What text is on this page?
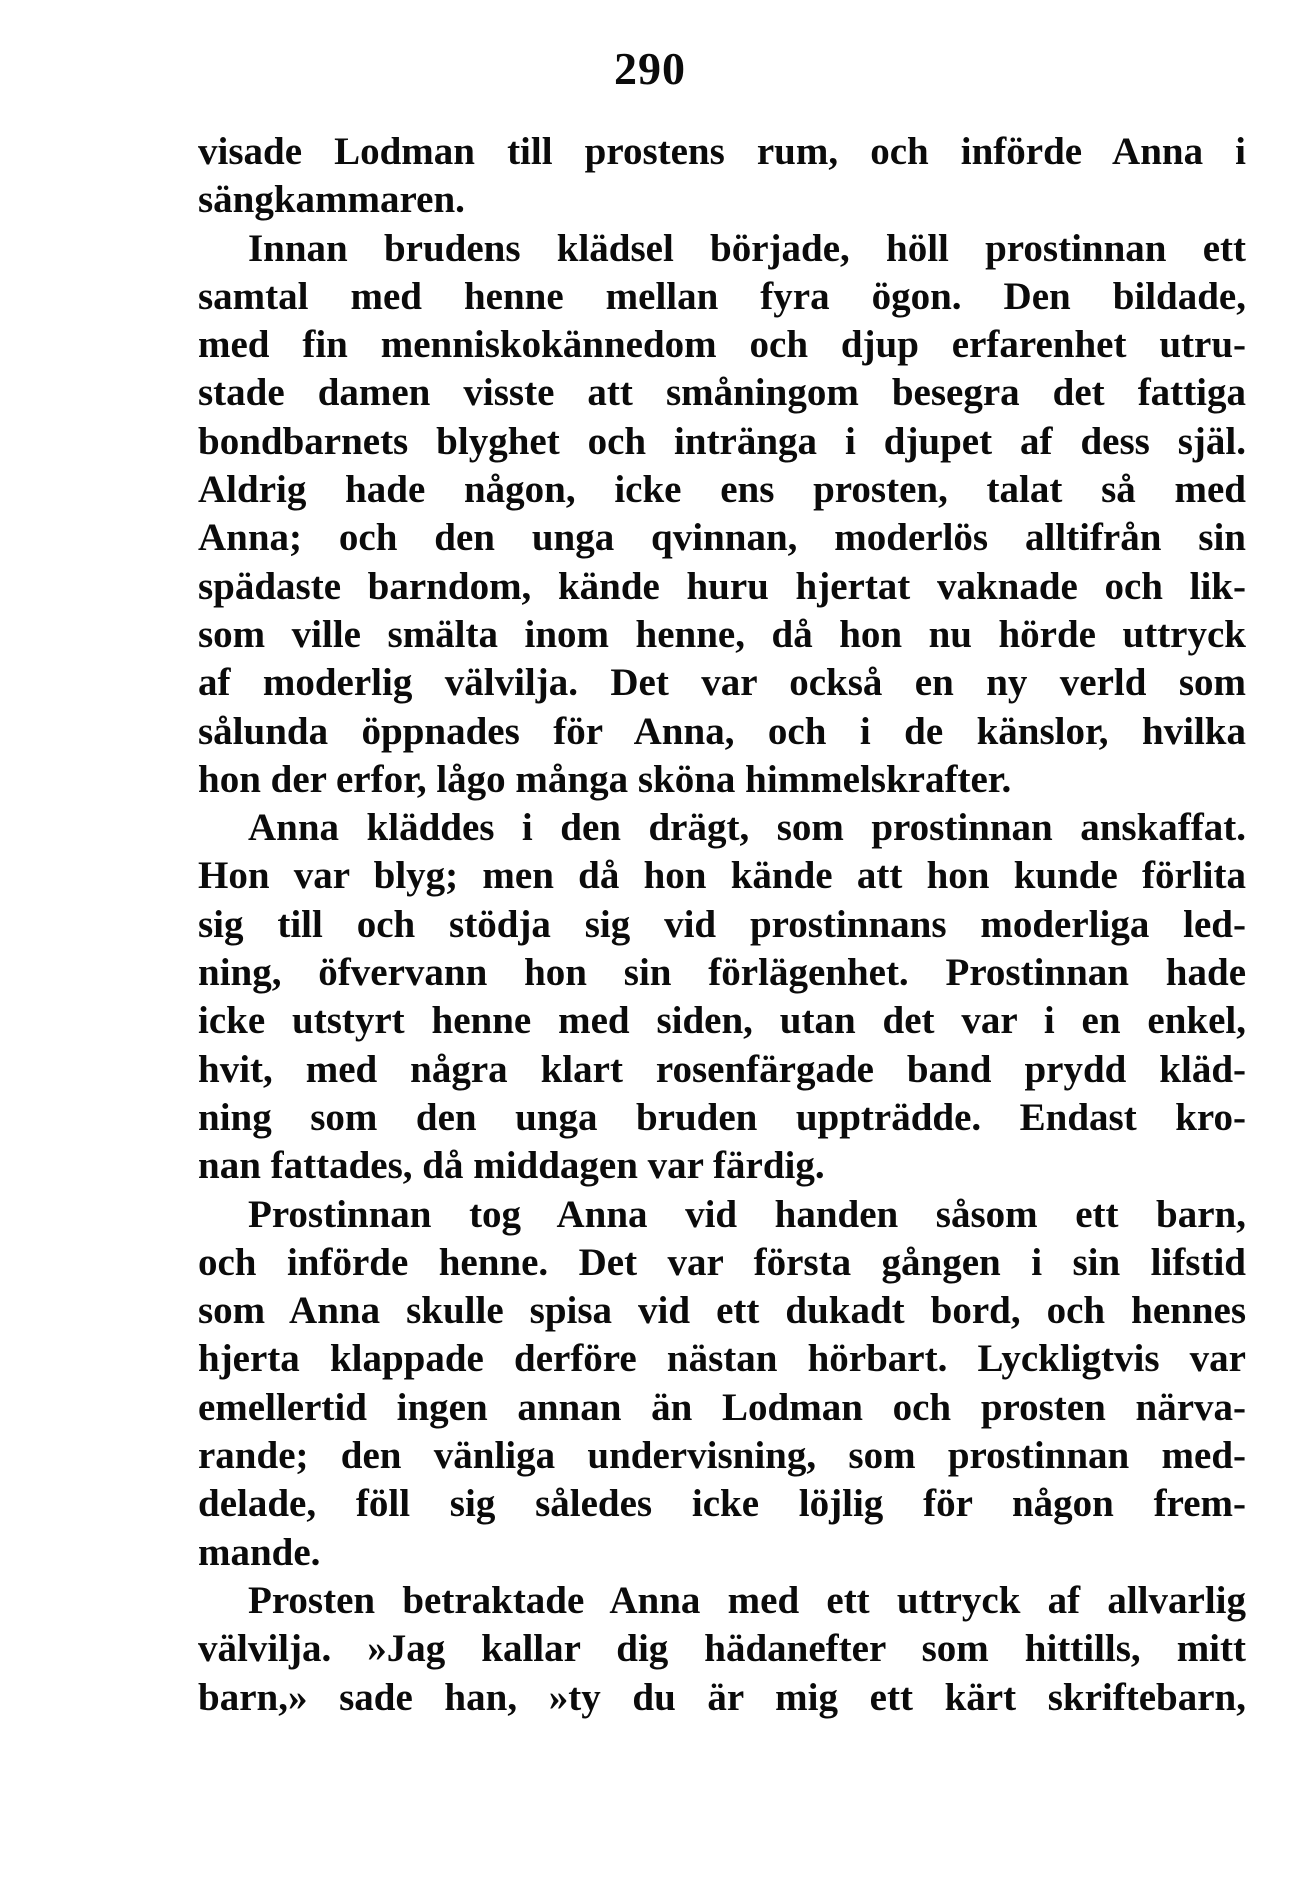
290
visade Lodman till prostens rum, och införde Anna i
sängkammaren.
Innan brudens klädsel började, höll prostinnan ett
samtal med henne mellan fyra ögon. Den bildade,
med fin menniskokännedom och djup erfarenhet utru-
stade damen visste att småningom besegra det fattiga
bondbarnets blyghet och intränga i djupet af dess själ.
Aldrig hade någon, icke ens prosten, talat så med
Anna; och den unga qvinnan, moderlös alltifrån sin
spädaste barndom, kände huru hjertat vaknade och lik-
som ville smälta inom henne, då hon nu hörde uttryck
af moderlig välvilja. Det var också en ny verld som
sålunda öppnades för Anna, och i de känslor, hvilka
hon der erfor, lågo många sköna himmelskrafter.
Anna kläddes i den drägt, som prostinnan anskaffat.
Hon var blyg; men då hon kände att hon kunde förlita
sig till och stödja sig vid prostinnans moderliga led-
ning, öfvervann hon sin förlägenhet. Prostinnan hade
icke utstyrt henne med siden, utan det var i en enkel,
hvit, med några klart rosenfärgade band prydd kläd-
ning som den unga bruden uppträdde. Endast kro-
nan fattades, då middagen var färdig.
Prostinnan tog Anna vid handen såsom ett barn,
och införde henne. Det var första gången i sin lifstid
som Anna skulle spisa vid ett dukadt bord, och hennes
hjerta klappade derföre nästan hörbart. Lyckligtvis var
emellertid ingen annan än Lodman och prosten närva-
rande; den vänliga undervisning, som prostinnan med-
delade, föll sig således icke löjlig för någon frem-
mande.
Prosten betraktade Anna med ett uttryck af allvarlig
välvilja. »Jag kallar dig hädanefter som hittills, mitt
barn,» sade han, »ty du är mig ett kärt skriftebarn,
